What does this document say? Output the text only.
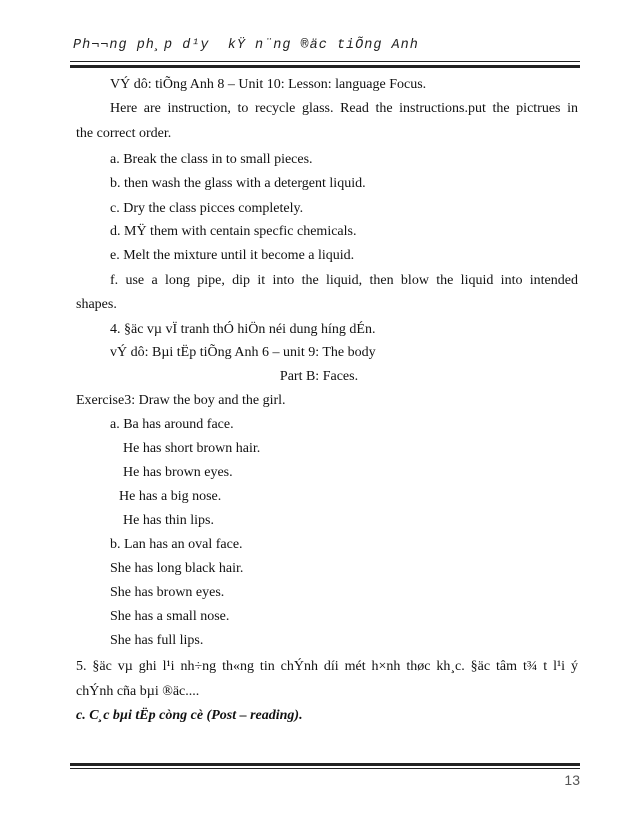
Ph¬¬ng ph¸p d¹y  kŸ n¨ng ®äc tiÕng Anh
VÝ dô: tiÕng Anh 8 – Unit 10: Lesson: language Focus.
Here are instruction, to recycle glass. Read the instructions.put the pictrues in
the correct order.
a. Break the class in to small pieces.
b. then wash the glass with a detergent liquid.
c. Dry the class picces completely.
d. MŸ them with centain specfic chemicals.
e. Melt the mixture until it become a liquid.
f. use a long pipe, dip it into the liquid, then blow the liquid into intended
shapes.
4. §äc vµ vÏ tranh thÓ hiÖn néi dung híng dÉn.
vÝ dô: Bµi tËp tiÕng Anh 6 – unit 9: The body
Part B: Faces.
Exercise3: Draw the boy and the girl.
a. Ba has around face.
He has short brown hair.
He has brown eyes.
He has a big nose.
He has thin lips.
b. Lan has an oval face.
She has long black hair.
She has brown eyes.
She has a small nose.
She has full lips.
5. §äc vµ ghi l¹i nh÷ng th«ng tin chÝnh díi mét h×nh thøc kh¸c. §äc tâm t¾ t l¹i ý
chÝnh cña bµi ®äc....
c. C¸c bµi tËp còng cè (Post – reading).
13
